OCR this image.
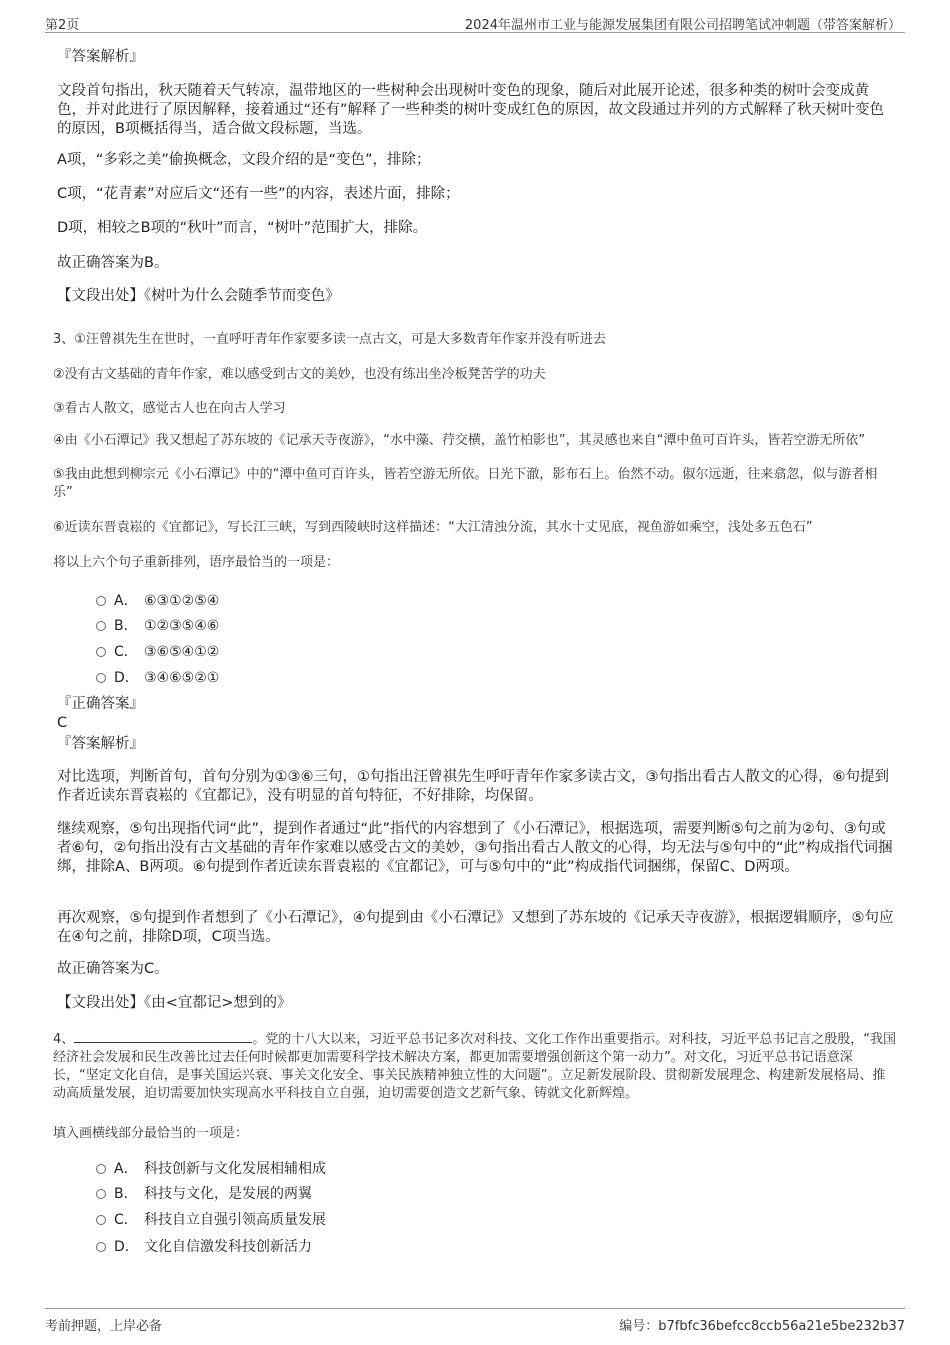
第2页	2024年温州市工业与能源发展集团有限公司招聘笔试冲刺题（带答案解析）

『答案解析』

文段首句指出，秋天随着天气转凉，温带地区的一些树种会出现树叶变色的现象，随后对此展开论述，很多种类的树叶会变成黄色，并对此进行了原因解释，接着通过“还有”解释了一些种类的树叶变成红色的原因，故文段通过并列的方式解释了秋天树叶变色的原因，B项概括得当，适合做文段标题，当选。

A项，“多彩之美”偷换概念，文段介绍的是“变色”，排除；

C项，“花青素”对应后文“还有一些”的内容，表述片面，排除；

D项，相较之B项的“秋叶”而言，“树叶”范围扩大，排除。

故正确答案为B。

【文段出处】《树叶为什么会随季节而变色》

3、①汪曾祺先生在世时，一直呼吁青年作家要多读一点古文，可是大多数青年作家并没有听进去

②没有古文基础的青年作家，难以感受到古文的美妙，也没有练出坐冷板凳苦学的功夫

③看古人散文，感觉古人也在向古人学习

④由《小石潭记》我又想起了苏东坡的《记承天寺夜游》，“水中藻、荇交横，盖竹柏影也”，其灵感也来自“潭中鱼可百许头，皆若空游无所依”

⑤我由此想到柳宗元《小石潭记》中的“潭中鱼可百许头，皆若空游无所依。日光下澈，影布石上。佁然不动。俶尔远逝，往来翕忽，似与游者相乐”

⑥近读东晋袁崧的《宜都记》，写长江三峡，写到西陵峡时这样描述：“大江清浊分流，其水十丈见底，视鱼游如乘空，浅处多五色石”

将以上六个句子重新排列，语序最恰当的一项是：

A． ⑥③①②⑤④
B． ①②③⑤④⑥
C． ③⑥⑤④①②
D． ③④⑥⑤②①

『正确答案』

C

『答案解析』

对比选项，判断首句，首句分别为①③⑥三句，①句指出汪曾祺先生呼吁青年作家多读古文，③句指出看古人散文的心得，⑥句提到作者近读东晋袁崧的《宜都记》，没有明显的首句特征，不好排除，均保留。

继续观察，⑤句出现指代词“此”，提到作者通过“此”指代的内容想到了《小石潭记》，根据选项，需要判断⑤句之前为②句、③句或者⑥句，②句指出没有古文基础的青年作家难以感受古文的美妙，③句指出看古人散文的心得，均无法与⑤句中的“此”构成指代词捆绑，排除A、B两项。⑥句提到作者近读东晋袁崧的《宜都记》，可与⑤句中的“此”构成指代词捆绑，保留C、D两项。

再次观察，⑤句提到作者想到了《小石潭记》，④句提到由《小石潭记》又想到了苏东坡的《记承天寺夜游》，根据逻辑顺序，⑤句应在④句之前，排除D项，C项当选。

故正确答案为C。

【文段出处】《由<宜都记>想到的》

4、	。党的十八大以来，习近平总书记多次对科技、文化工作作出重要指示。对科技，习近平总书记言之殷殷，“我国经济社会发展和民生改善比过去任何时候都更加需要科学技术解决方案，都更加需要增强创新这个第一动力”。对文化，习近平总书记语意深长，“坚定文化自信，是事关国运兴衰、事关文化安全、事关民族精神独立性的大问题”。立足新发展阶段、贯彻新发展理念、构建新发展格局、推动高质量发展，迫切需要加快实现高水平科技自立自强，迫切需要创造文艺新气象、铸就文化新辉煌。

填入画横线部分最恰当的一项是：

A． 科技创新与文化发展相辅相成
B． 科技与文化，是发展的两翼
C． 科技自立自强引领高质量发展
D． 文化自信激发科技创新活力
考前押题，上岸必备	编号：b7fbfc36befcc8ccb56a21e5be232b37
